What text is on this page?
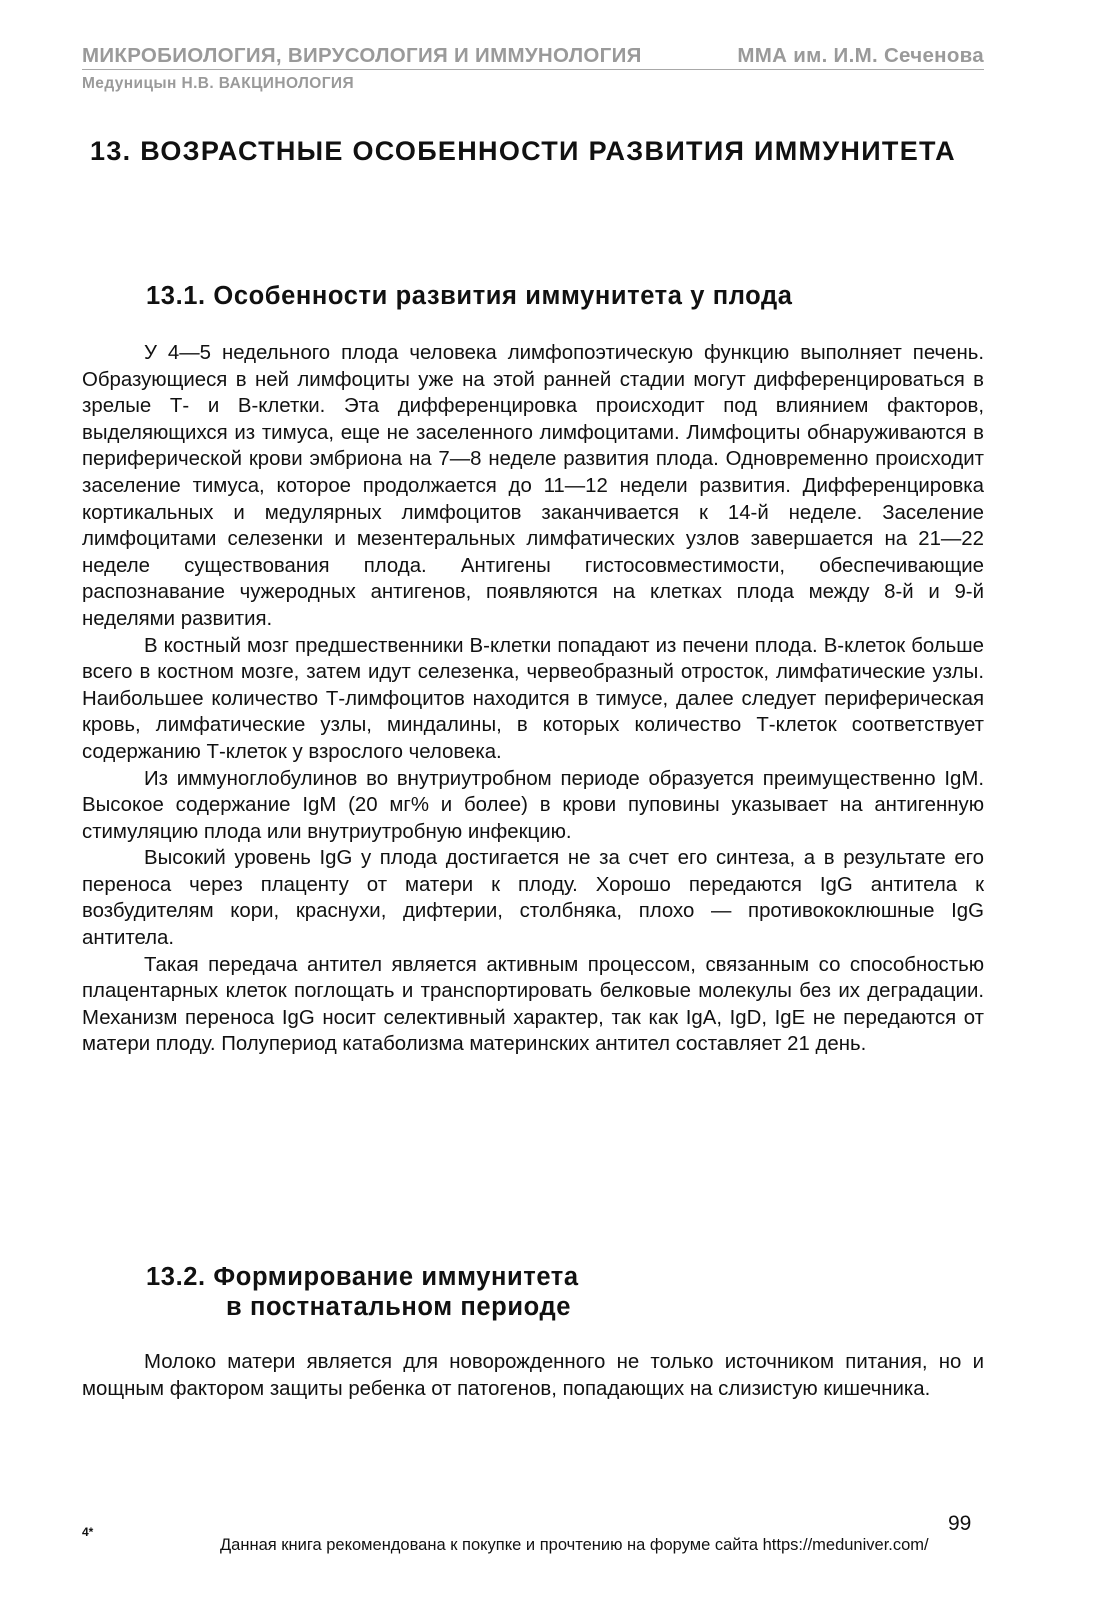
МИКРОБИОЛОГИЯ, ВИРУСОЛОГИЯ И ИММУНОЛОГИЯ	ММА им. И.М. Сеченова
Медуницын Н.В. ВАКЦИНОЛОГИЯ
13. ВОЗРАСТНЫЕ ОСОБЕННОСТИ РАЗВИТИЯ ИММУНИТЕТА
13.1. Особенности развития иммунитета у плода

У 4—5 недельного плода человека лимфопоэтическую функцию выполняет печень. Образующиеся в ней лимфоциты уже на этой ранней стадии могут дифференцироваться в зрелые Т- и В-клетки. Эта дифференцировка происходит под влиянием факторов, выделяющихся из тимуса, еще не заселенного лимфоцитами. Лимфоциты обнаруживаются в периферической крови эмбриона на 7—8 неделе развития плода. Одновременно происходит заселение тимуса, которое продолжается до 11—12 недели развития. Дифференцировка кортикальных и медулярных лимфоцитов заканчивается к 14-й неделе. Заселение лимфоцитами селезенки и мезентеральных лимфатических узлов завершается на 21—22 неделе существования плода. Антигены гистосовместимости, обеспечивающие распознавание чужеродных антигенов, появляются на клетках плода между 8-й и 9-й неделями развития.

В костный мозг предшественники В-клетки попадают из печени плода. В-клеток больше всего в костном мозге, затем идут селезенка, червеобразный отросток, лимфатические узлы. Наибольшее количество Т-лимфоцитов находится в тимусе, далее следует периферическая кровь, лимфатические узлы, миндалины, в которых количество Т-клеток соответствует содержанию Т-клеток у взрослого человека.

Из иммуноглобулинов во внутриутробном периоде образуется преимущественно IgM. Высокое содержание IgM (20 мг% и более) в крови пуповины указывает на антигенную стимуляцию плода или внутриутробную инфекцию.

Высокий уровень IgG у плода достигается не за счет его синтеза, а в результате его переноса через плаценту от матери к плоду. Хорошо передаются IgG антитела к возбудителям кори, краснухи, дифтерии, столбняка, плохо — противококлюшные IgG антитела.

Такая передача антител является активным процессом, связанным со способностью плацентарных клеток поглощать и транспортировать белковые молекулы без их деградации. Механизм переноса IgG носит селективный характер, так как IgA, IgD, IgE не передаются от матери плоду. Полупериод катаболизма материнских антител составляет 21 день.

13.2. Формирование иммунитета
в постнатальном периоде

Молоко матери является для новорожденного не только источником питания, но и мощным фактором защиты ребенка от патогенов, попадающих на слизистую кишечника.

4*	99
Данная книга рекомендована к покупке и прочтению на форуме сайта https://meduniver.com/
